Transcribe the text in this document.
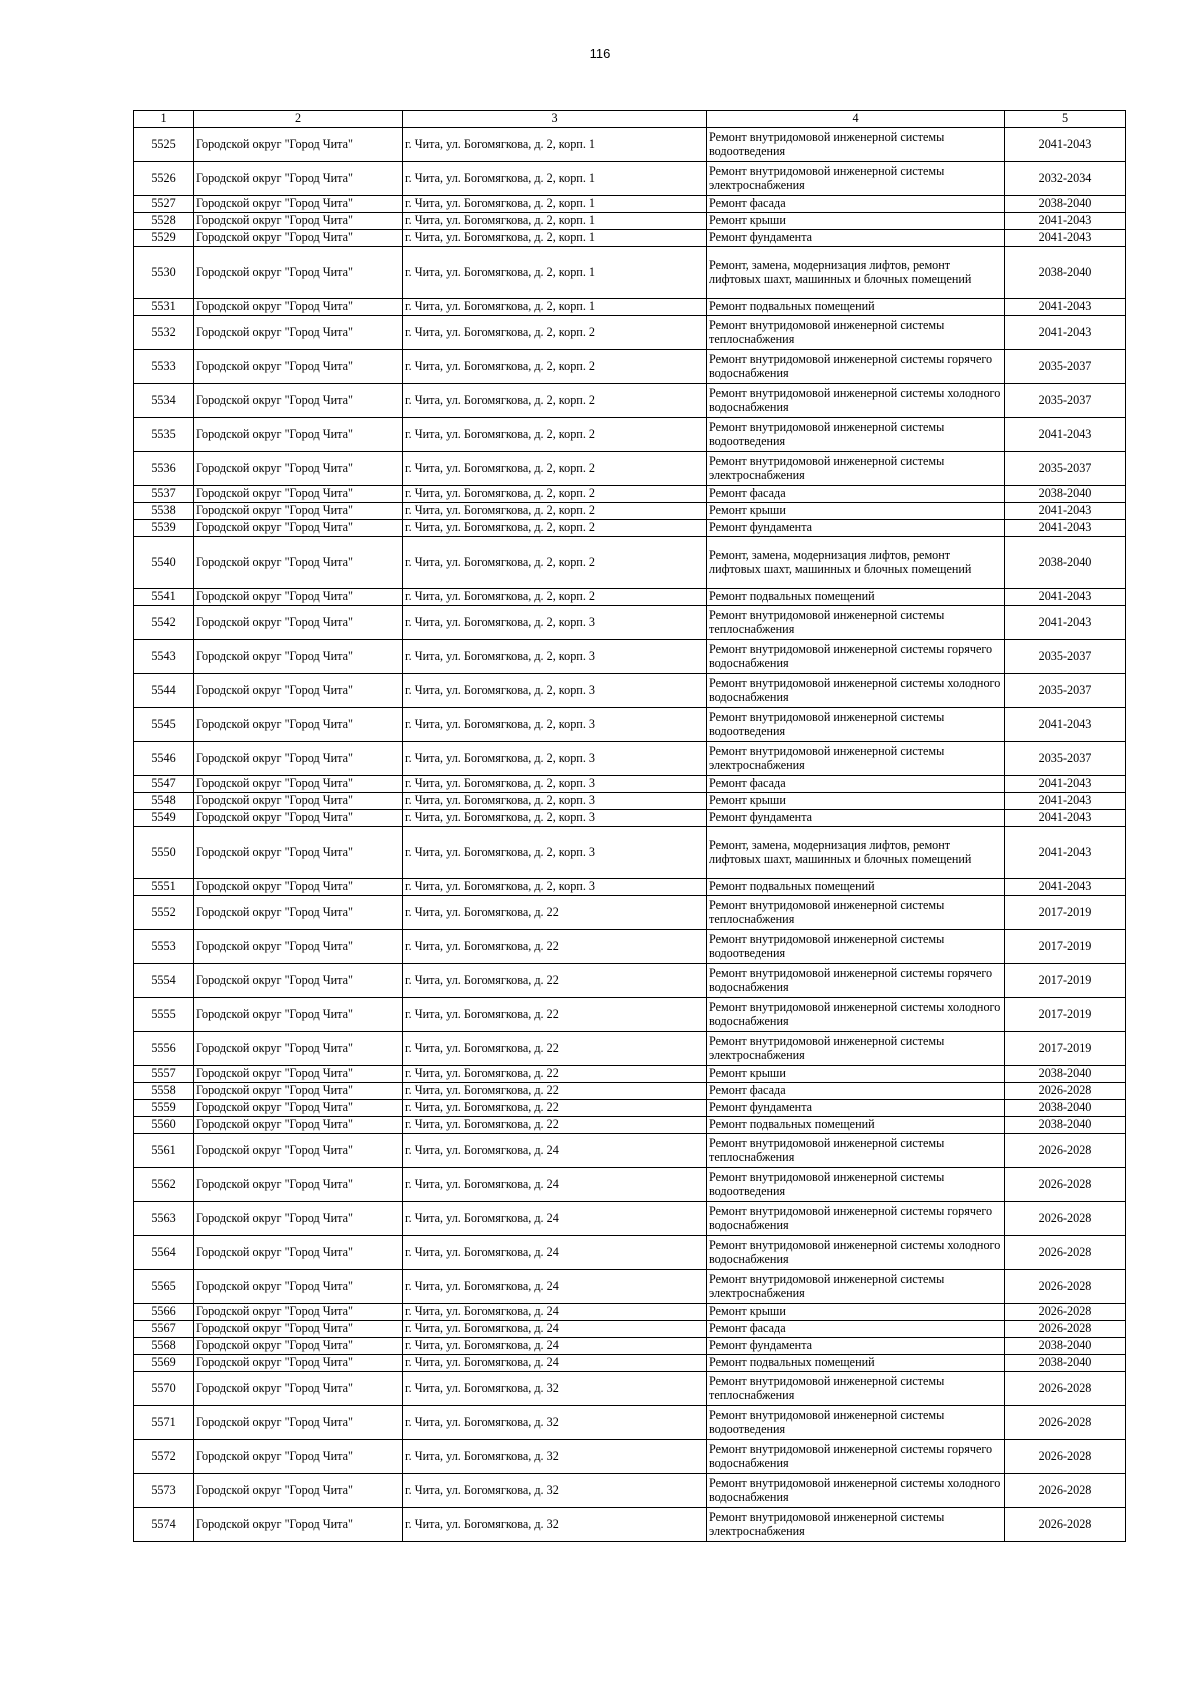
116
1	2	3	4	5
5525	Городской округ "Город Чита"	г. Чита, ул. Богомягкова, д. 2, корп. 1	Ремонт внутридомовой инженерной системы водоотведения	2041-2043
5526	Городской округ "Город Чита"	г. Чита, ул. Богомягкова, д. 2, корп. 1	Ремонт внутридомовой инженерной системы электроснабжения	2032-2034
5527	Городской округ "Город Чита"	г. Чита, ул. Богомягкова, д. 2, корп. 1	Ремонт фасада	2038-2040
5528	Городской округ "Город Чита"	г. Чита, ул. Богомягкова, д. 2, корп. 1	Ремонт крыши	2041-2043
5529	Городской округ "Город Чита"	г. Чита, ул. Богомягкова, д. 2, корп. 1	Ремонт фундамента	2041-2043
5530	Городской округ "Город Чита"	г. Чита, ул. Богомягкова, д. 2, корп. 1	Ремонт, замена, модернизация лифтов, ремонт лифтовых шахт, машинных и блочных помещений	2038-2040
5531	Городской округ "Город Чита"	г. Чита, ул. Богомягкова, д. 2, корп. 1	Ремонт подвальных помещений	2041-2043
5532	Городской округ "Город Чита"	г. Чита, ул. Богомягкова, д. 2, корп. 2	Ремонт внутридомовой инженерной системы теплоснабжения	2041-2043
5533	Городской округ "Город Чита"	г. Чита, ул. Богомягкова, д. 2, корп. 2	Ремонт внутридомовой инженерной системы горячего водоснабжения	2035-2037
5534	Городской округ "Город Чита"	г. Чита, ул. Богомягкова, д. 2, корп. 2	Ремонт внутридомовой инженерной системы холодного водоснабжения	2035-2037
5535	Городской округ "Город Чита"	г. Чита, ул. Богомягкова, д. 2, корп. 2	Ремонт внутридомовой инженерной системы водоотведения	2041-2043
5536	Городской округ "Город Чита"	г. Чита, ул. Богомягкова, д. 2, корп. 2	Ремонт внутридомовой инженерной системы электроснабжения	2035-2037
5537	Городской округ "Город Чита"	г. Чита, ул. Богомягкова, д. 2, корп. 2	Ремонт фасада	2038-2040
5538	Городской округ "Город Чита"	г. Чита, ул. Богомягкова, д. 2, корп. 2	Ремонт крыши	2041-2043
5539	Городской округ "Город Чита"	г. Чита, ул. Богомягкова, д. 2, корп. 2	Ремонт фундамента	2041-2043
5540	Городской округ "Город Чита"	г. Чита, ул. Богомягкова, д. 2, корп. 2	Ремонт, замена, модернизация лифтов, ремонт лифтовых шахт, машинных и блочных помещений	2038-2040
5541	Городской округ "Город Чита"	г. Чита, ул. Богомягкова, д. 2, корп. 2	Ремонт подвальных помещений	2041-2043
5542	Городской округ "Город Чита"	г. Чита, ул. Богомягкова, д. 2, корп. 3	Ремонт внутридомовой инженерной системы теплоснабжения	2041-2043
5543	Городской округ "Город Чита"	г. Чита, ул. Богомягкова, д. 2, корп. 3	Ремонт внутридомовой инженерной системы горячего водоснабжения	2035-2037
5544	Городской округ "Город Чита"	г. Чита, ул. Богомягкова, д. 2, корп. 3	Ремонт внутридомовой инженерной системы холодного водоснабжения	2035-2037
5545	Городской округ "Город Чита"	г. Чита, ул. Богомягкова, д. 2, корп. 3	Ремонт внутридомовой инженерной системы водоотведения	2041-2043
5546	Городской округ "Город Чита"	г. Чита, ул. Богомягкова, д. 2, корп. 3	Ремонт внутридомовой инженерной системы электроснабжения	2035-2037
5547	Городской округ "Город Чита"	г. Чита, ул. Богомягкова, д. 2, корп. 3	Ремонт фасада	2041-2043
5548	Городской округ "Город Чита"	г. Чита, ул. Богомягкова, д. 2, корп. 3	Ремонт крыши	2041-2043
5549	Городской округ "Город Чита"	г. Чита, ул. Богомягкова, д. 2, корп. 3	Ремонт фундамента	2041-2043
5550	Городской округ "Город Чита"	г. Чита, ул. Богомягкова, д. 2, корп. 3	Ремонт, замена, модернизация лифтов, ремонт лифтовых шахт, машинных и блочных помещений	2041-2043
5551	Городской округ "Город Чита"	г. Чита, ул. Богомягкова, д. 2, корп. 3	Ремонт подвальных помещений	2041-2043
5552	Городской округ "Город Чита"	г. Чита, ул. Богомягкова, д. 22	Ремонт внутридомовой инженерной системы теплоснабжения	2017-2019
5553	Городской округ "Город Чита"	г. Чита, ул. Богомягкова, д. 22	Ремонт внутридомовой инженерной системы водоотведения	2017-2019
5554	Городской округ "Город Чита"	г. Чита, ул. Богомягкова, д. 22	Ремонт внутридомовой инженерной системы горячего водоснабжения	2017-2019
5555	Городской округ "Город Чита"	г. Чита, ул. Богомягкова, д. 22	Ремонт внутридомовой инженерной системы холодного водоснабжения	2017-2019
5556	Городской округ "Город Чита"	г. Чита, ул. Богомягкова, д. 22	Ремонт внутридомовой инженерной системы электроснабжения	2017-2019
5557	Городской округ "Город Чита"	г. Чита, ул. Богомягкова, д. 22	Ремонт крыши	2038-2040
5558	Городской округ "Город Чита"	г. Чита, ул. Богомягкова, д. 22	Ремонт фасада	2026-2028
5559	Городской округ "Город Чита"	г. Чита, ул. Богомягкова, д. 22	Ремонт фундамента	2038-2040
5560	Городской округ "Город Чита"	г. Чита, ул. Богомягкова, д. 22	Ремонт подвальных помещений	2038-2040
5561	Городской округ "Город Чита"	г. Чита, ул. Богомягкова, д. 24	Ремонт внутридомовой инженерной системы теплоснабжения	2026-2028
5562	Городской округ "Город Чита"	г. Чита, ул. Богомягкова, д. 24	Ремонт внутридомовой инженерной системы водоотведения	2026-2028
5563	Городской округ "Город Чита"	г. Чита, ул. Богомягкова, д. 24	Ремонт внутридомовой инженерной системы горячего водоснабжения	2026-2028
5564	Городской округ "Город Чита"	г. Чита, ул. Богомягкова, д. 24	Ремонт внутридомовой инженерной системы холодного водоснабжения	2026-2028
5565	Городской округ "Город Чита"	г. Чита, ул. Богомягкова, д. 24	Ремонт внутридомовой инженерной системы электроснабжения	2026-2028
5566	Городской округ "Город Чита"	г. Чита, ул. Богомягкова, д. 24	Ремонт крыши	2026-2028
5567	Городской округ "Город Чита"	г. Чита, ул. Богомягкова, д. 24	Ремонт фасада	2026-2028
5568	Городской округ "Город Чита"	г. Чита, ул. Богомягкова, д. 24	Ремонт фундамента	2038-2040
5569	Городской округ "Город Чита"	г. Чита, ул. Богомягкова, д. 24	Ремонт подвальных помещений	2038-2040
5570	Городской округ "Город Чита"	г. Чита, ул. Богомягкова, д. 32	Ремонт внутридомовой инженерной системы теплоснабжения	2026-2028
5571	Городской округ "Город Чита"	г. Чита, ул. Богомягкова, д. 32	Ремонт внутридомовой инженерной системы водоотведения	2026-2028
5572	Городской округ "Город Чита"	г. Чита, ул. Богомягкова, д. 32	Ремонт внутридомовой инженерной системы горячего водоснабжения	2026-2028
5573	Городской округ "Город Чита"	г. Чита, ул. Богомягкова, д. 32	Ремонт внутридомовой инженерной системы холодного водоснабжения	2026-2028
5574	Городской округ "Город Чита"	г. Чита, ул. Богомягкова, д. 32	Ремонт внутридомовой инженерной системы электроснабжения	2026-2028
